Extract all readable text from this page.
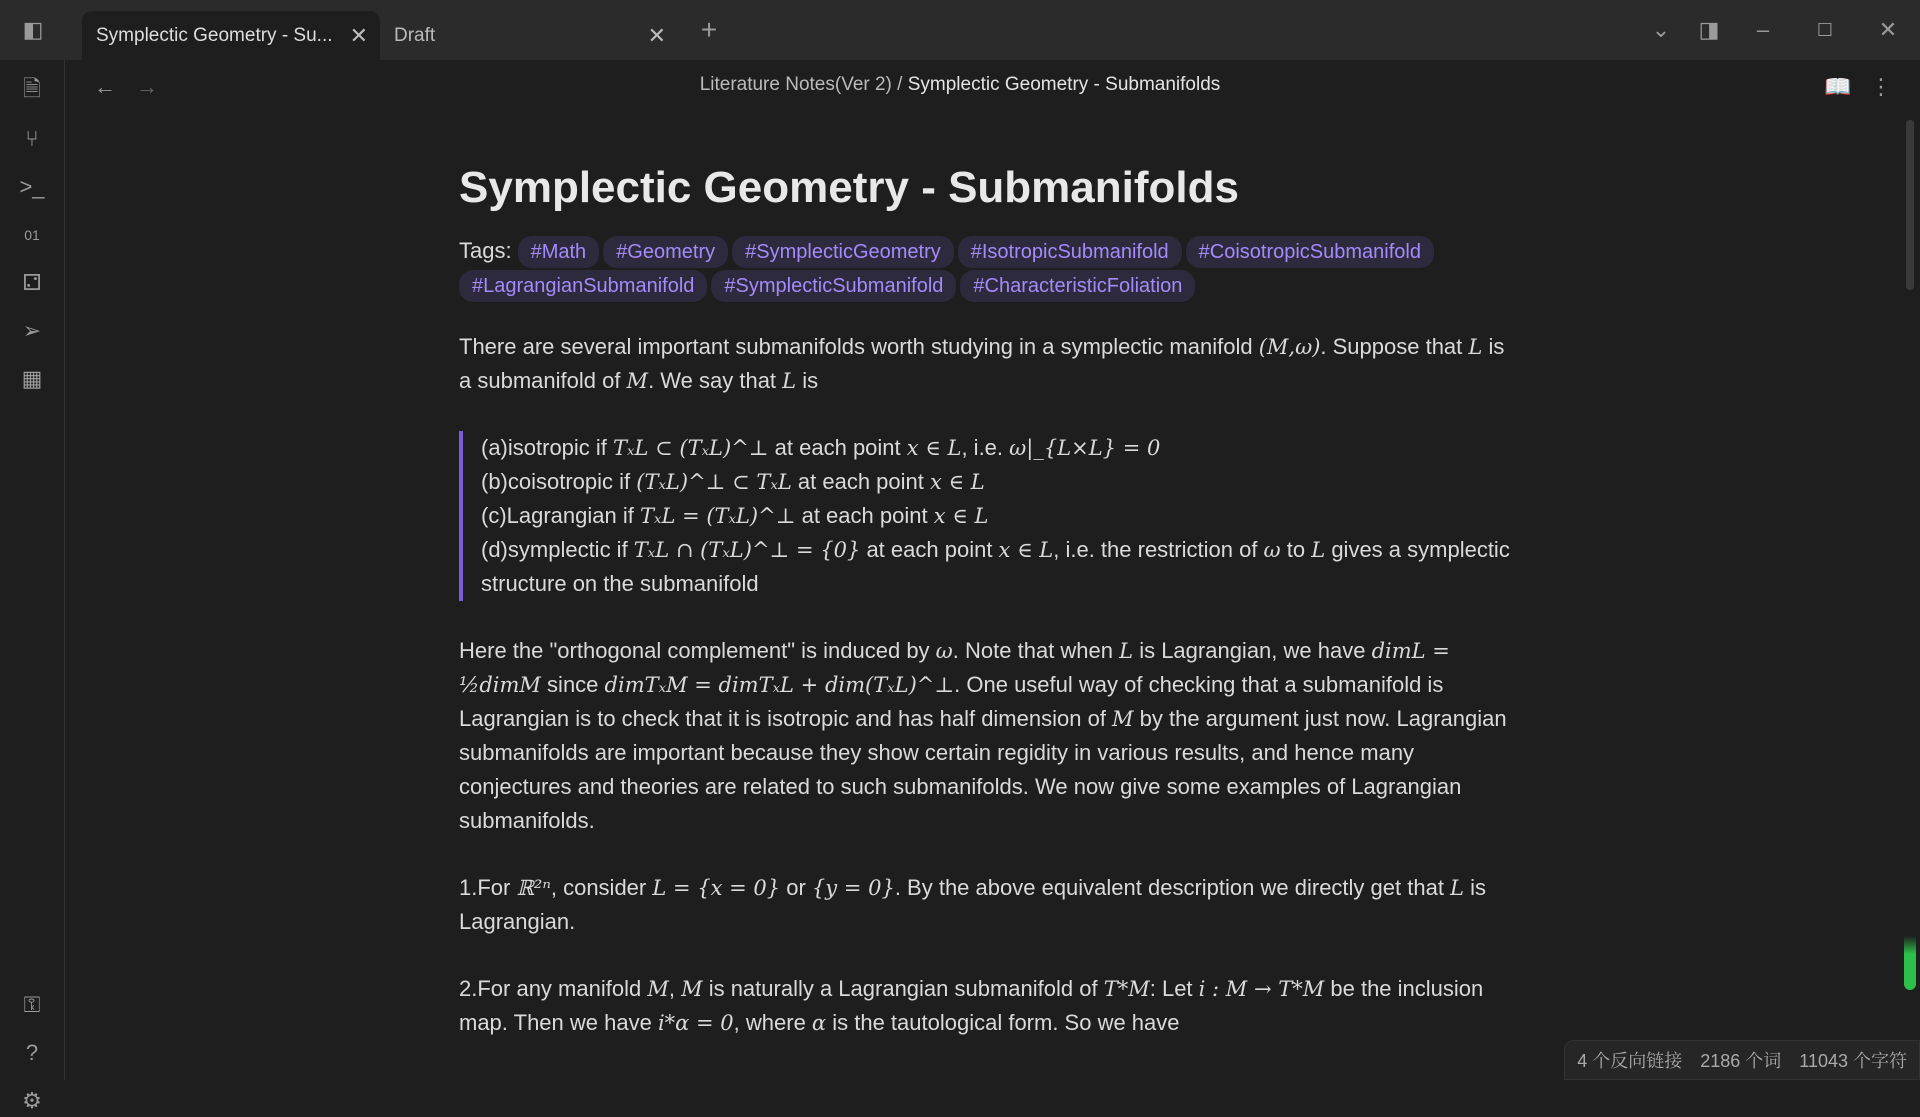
◧	Symplectic Geometry - Su... ✕ Draft	✕ +	⌄	◨	–	☐	✕
🗎
⑂
>_
01
⚁
➢
▦
⚿
?
⚙
← →	Literature Notes(Ver 2) / Symplectic Geometry - Submanifolds	📖 ⋮
Symplectic Geometry - Submanifolds
Tags: #Math #Geometry #SymplecticGeometry #IsotropicSubmanifold #CoisotropicSubmanifold#LagrangianSubmanifold #SymplecticSubmanifold #CharacteristicFoliation

There are several important submanifolds worth studying in a symplectic manifold (M,ω). Suppose that L is a submanifold of M. We say that L is

(a)isotropic if TₓL ⊂ (TₓL)^⊥ at each point x ∈ L, i.e. ω|_{L×L} = 0
(b)coisotropic if (TₓL)^⊥ ⊂ TₓL at each point x ∈ L
(c)Lagrangian if TₓL = (TₓL)^⊥ at each point x ∈ L
(d)symplectic if TₓL ∩ (TₓL)^⊥ = {0} at each point x ∈ L, i.e. the restriction of ω to L gives a symplectic structure on the submanifold

Here the "orthogonal complement" is induced by ω. Note that when L is Lagrangian, we have dimL = ½dimM since dimTₓM = dimTₓL + dim(TₓL)^⊥. One useful way of checking that a submanifold is Lagrangian is to check that it is isotropic and has half dimension of M by the argument just now. Lagrangian submanifolds are important because they show certain regidity in various results, and hence many conjectures and theories are related to such submanifolds. We now give some examples of Lagrangian submanifolds.

1.For ℝ²ⁿ, consider L = {x = 0} or {y = 0}. By the above equivalent description we directly get that L is Lagrangian.

2.For any manifold M, M is naturally a Lagrangian submanifold of T*M: Let i : M → T*M be the inclusion map. Then we have i*α = 0, where α is the tautological form. So we have

4 个反向链接 2186 个词 11043 个字符
